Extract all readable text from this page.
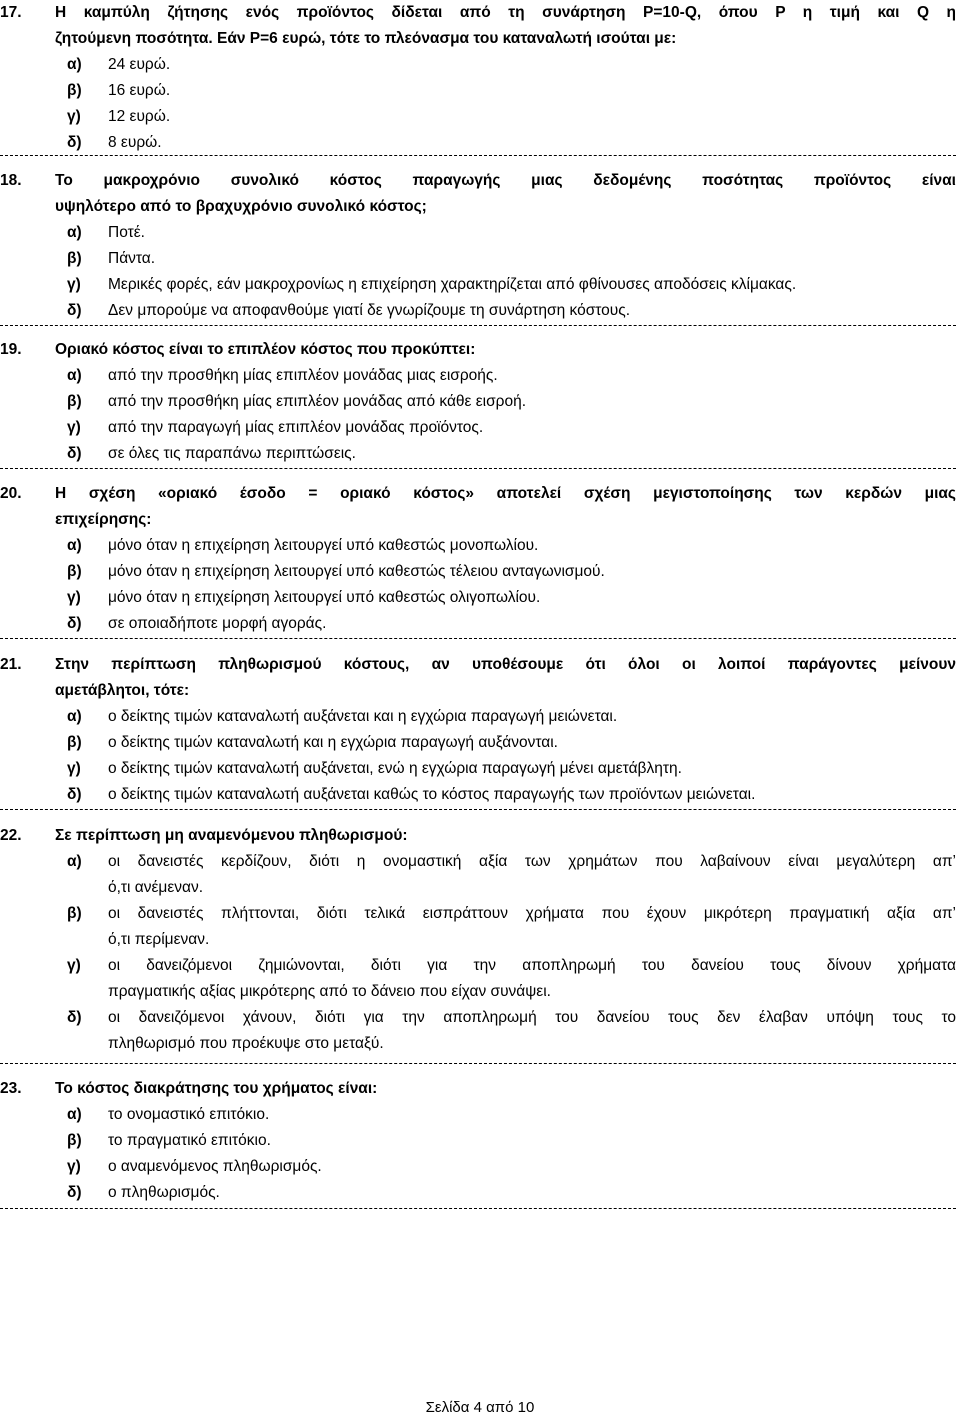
17. Η καμπύλη ζήτησης ενός προϊόντος δίδεται από τη συνάρτηση P=10-Q, όπου P η τιμή και Q η
ζητούμενη ποσότητα. Εάν P=6 ευρώ, τότε το πλεόνασμα του καταναλωτή ισούται με:
α) 24 ευρώ.
β) 16 ευρώ.
γ) 12 ευρώ.
δ) 8 ευρώ.
18. Το μακροχρόνιο συνολικό κόστος παραγωγής μιας δεδομένης ποσότητας προϊόντος είναι
υψηλότερο από το βραχυχρόνιο συνολικό κόστος;
α) Ποτέ.
β) Πάντα.
γ) Μερικές φορές, εάν μακροχρονίως η επιχείρηση χαρακτηρίζεται από φθίνουσες αποδόσεις κλίμακας.
δ) Δεν μπορούμε να αποφανθούμε γιατί δε γνωρίζουμε τη συνάρτηση κόστους.
19. Οριακό κόστος είναι το επιπλέον κόστος που προκύπτει:
α) από την προσθήκη μίας επιπλέον μονάδας μιας εισροής.
β) από την προσθήκη μίας επιπλέον μονάδας από κάθε εισροή.
γ) από την παραγωγή μίας επιπλέον μονάδας προϊόντος.
δ) σε όλες τις παραπάνω περιπτώσεις.
20. Η σχέση «οριακό έσοδο = οριακό κόστος» αποτελεί σχέση μεγιστοποίησης των κερδών μιας
επιχείρησης:
α) μόνο όταν η επιχείρηση λειτουργεί υπό καθεστώς μονοπωλίου.
β) μόνο όταν η επιχείρηση λειτουργεί υπό καθεστώς τέλειου ανταγωνισμού.
γ) μόνο όταν η επιχείρηση λειτουργεί υπό καθεστώς ολιγοπωλίου.
δ) σε οποιαδήποτε μορφή αγοράς.
21. Στην περίπτωση πληθωρισμού κόστους, αν υποθέσουμε ότι όλοι οι λοιποί παράγοντες μείνουν
αμετάβλητοι, τότε:
α) ο δείκτης τιμών καταναλωτή αυξάνεται και η εγχώρια παραγωγή μειώνεται.
β) ο δείκτης τιμών καταναλωτή και η εγχώρια παραγωγή αυξάνονται.
γ) ο δείκτης τιμών καταναλωτή αυξάνεται, ενώ η εγχώρια παραγωγή μένει αμετάβλητη.
δ) ο δείκτης τιμών καταναλωτή αυξάνεται καθώς το κόστος παραγωγής των προϊόντων μειώνεται.
22. Σε περίπτωση μη αναμενόμενου πληθωρισμού:
α) οι δανειστές κερδίζουν, διότι η ονομαστική αξία των χρημάτων που λαβαίνουν είναι μεγαλύτερη απ’
ό,τι ανέμεναν.
β) οι δανειστές πλήττονται, διότι τελικά εισπράττουν χρήματα που έχουν μικρότερη πραγματική αξία απ’
ό,τι περίμεναν.
γ) οι δανειζόμενοι ζημιώνονται, διότι για την αποπληρωμή του δανείου τους δίνουν χρήματα
πραγματικής αξίας μικρότερης από το δάνειο που είχαν συνάψει.
δ) οι δανειζόμενοι χάνουν, διότι για την αποπληρωμή του δανείου τους δεν έλαβαν υπόψη τους το
πληθωρισμό που προέκυψε στο μεταξύ.
23. Το κόστος διακράτησης του χρήματος είναι:
α) το ονομαστικό επιτόκιο.
β) το πραγματικό επιτόκιο.
γ) ο αναμενόμενος πληθωρισμός.
δ) ο πληθωρισμός.
Σελίδα 4 από 10
